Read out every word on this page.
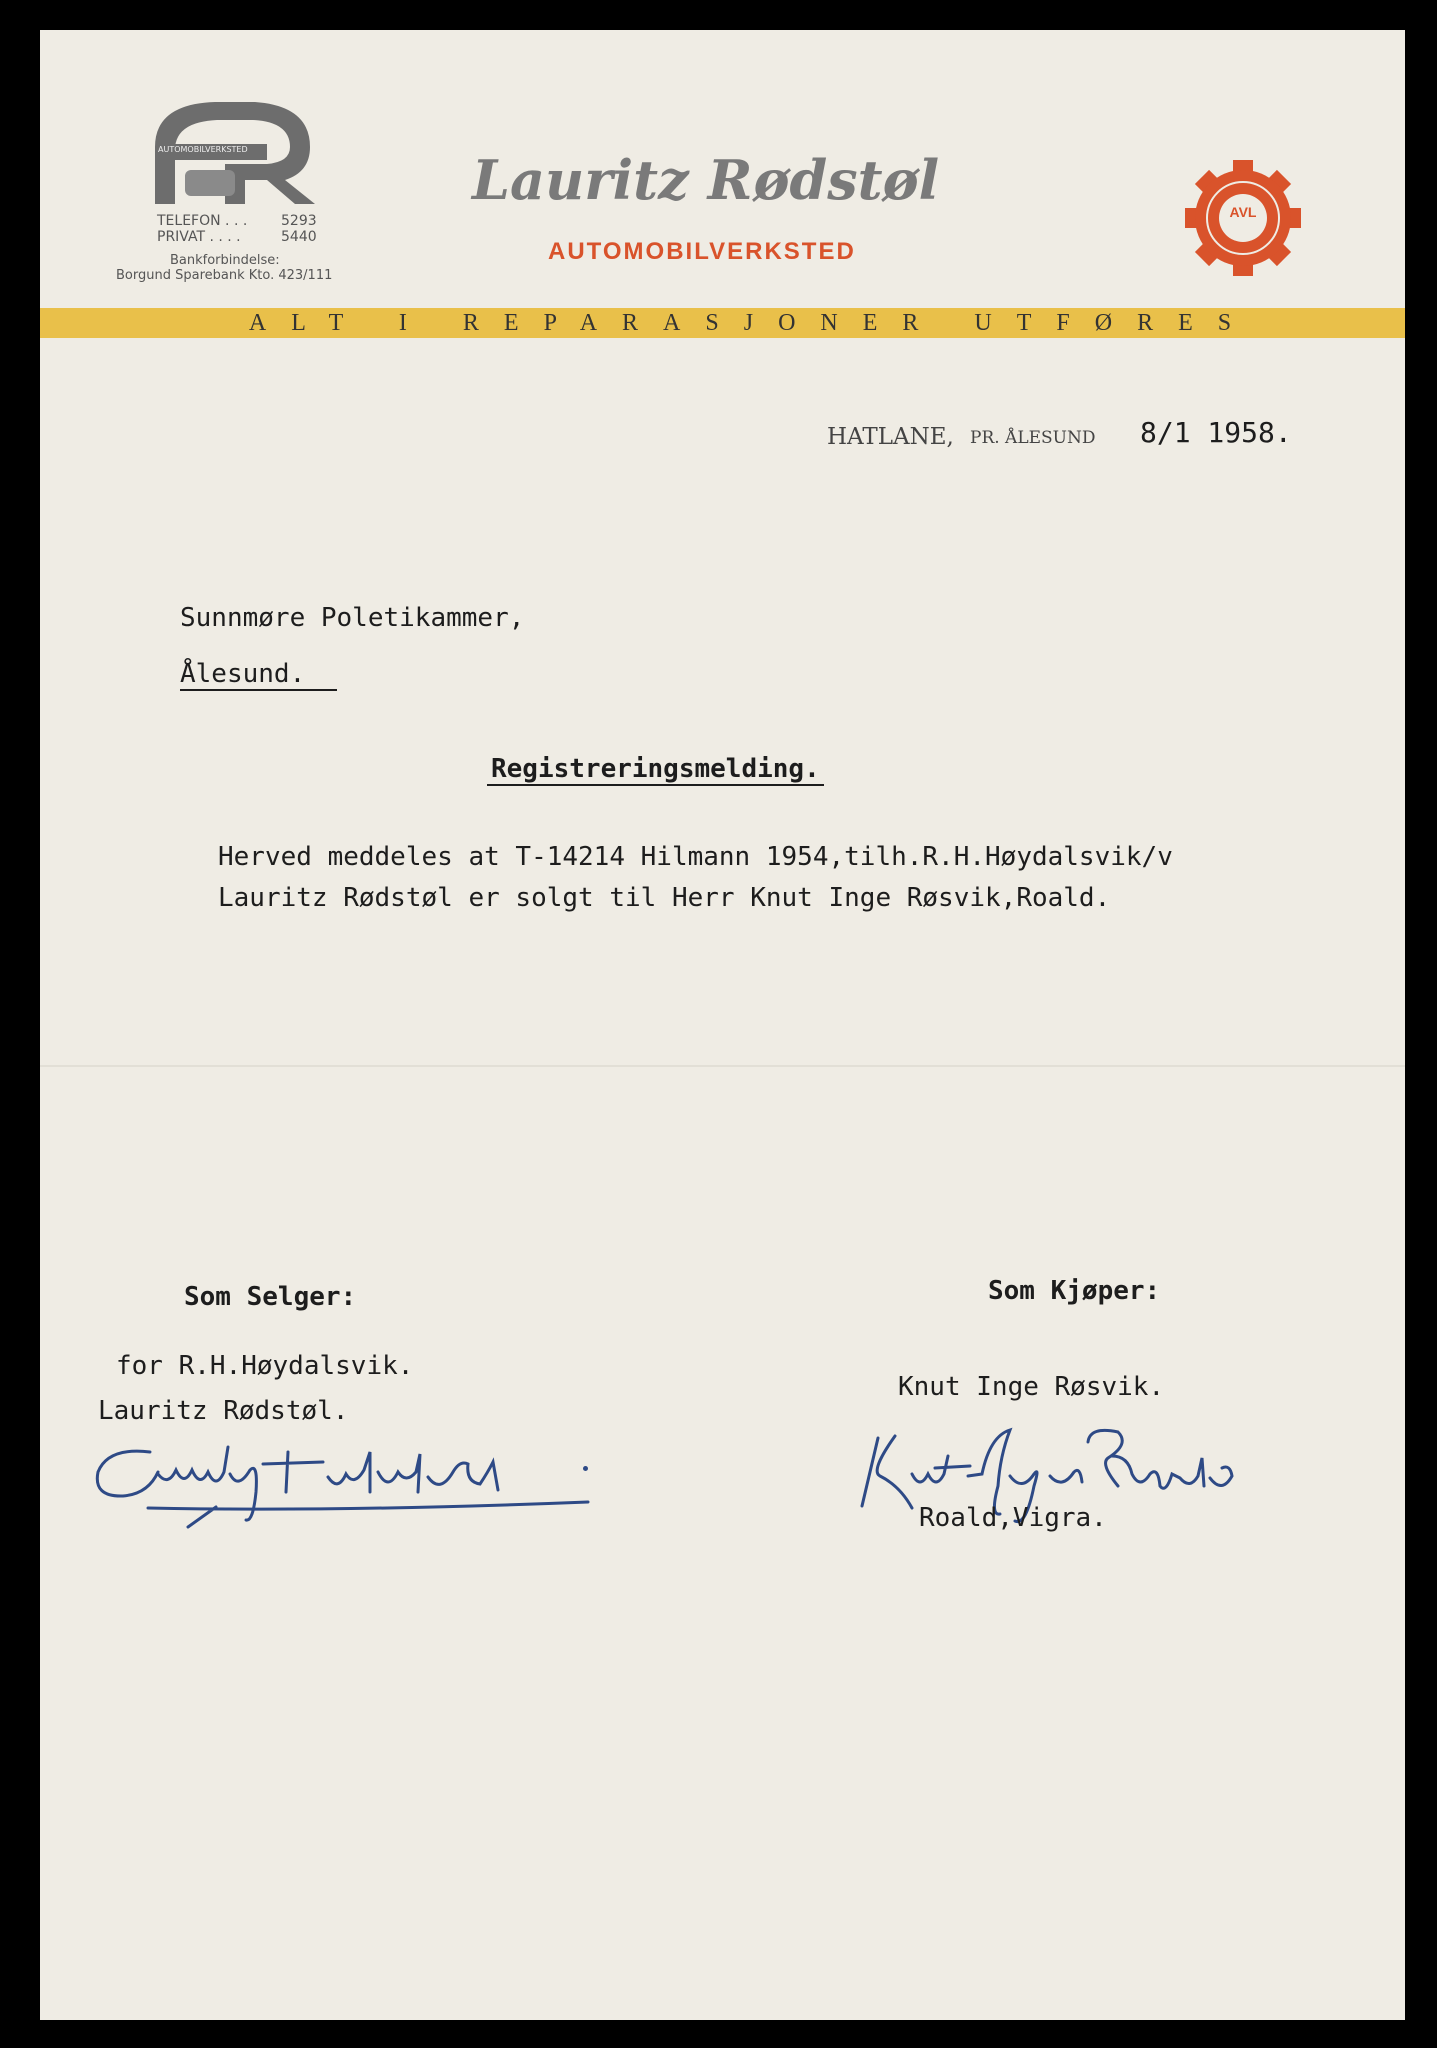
AUTOMOBILVERKSTED
TELEFON . . . 5293
PRIVAT . . . .	5440
Bankforbindelse:
Borgund Sparebank Kto. 423/111
Lauritz Rødstøl
AUTOMOBILVERKSTED
AVL
ALT I REPARASJONER UTFØRES
HATLANE, PR. ÅLESUND 8/1 1958.
Sunnmøre Poletikammer,
Ålesund.
Registreringsmelding.
Herved meddeles at T-14214 Hilmann 1954,tilh.R.H.Høydalsvik/v
Lauritz Rødstøl er solgt til Herr Knut Inge Røsvik,Roald.
Som Selger:
for R.H.Høydalsvik.
Lauritz Rødstøl.
Som Kjøper:
Knut Inge Røsvik.
Roald,Vigra.
